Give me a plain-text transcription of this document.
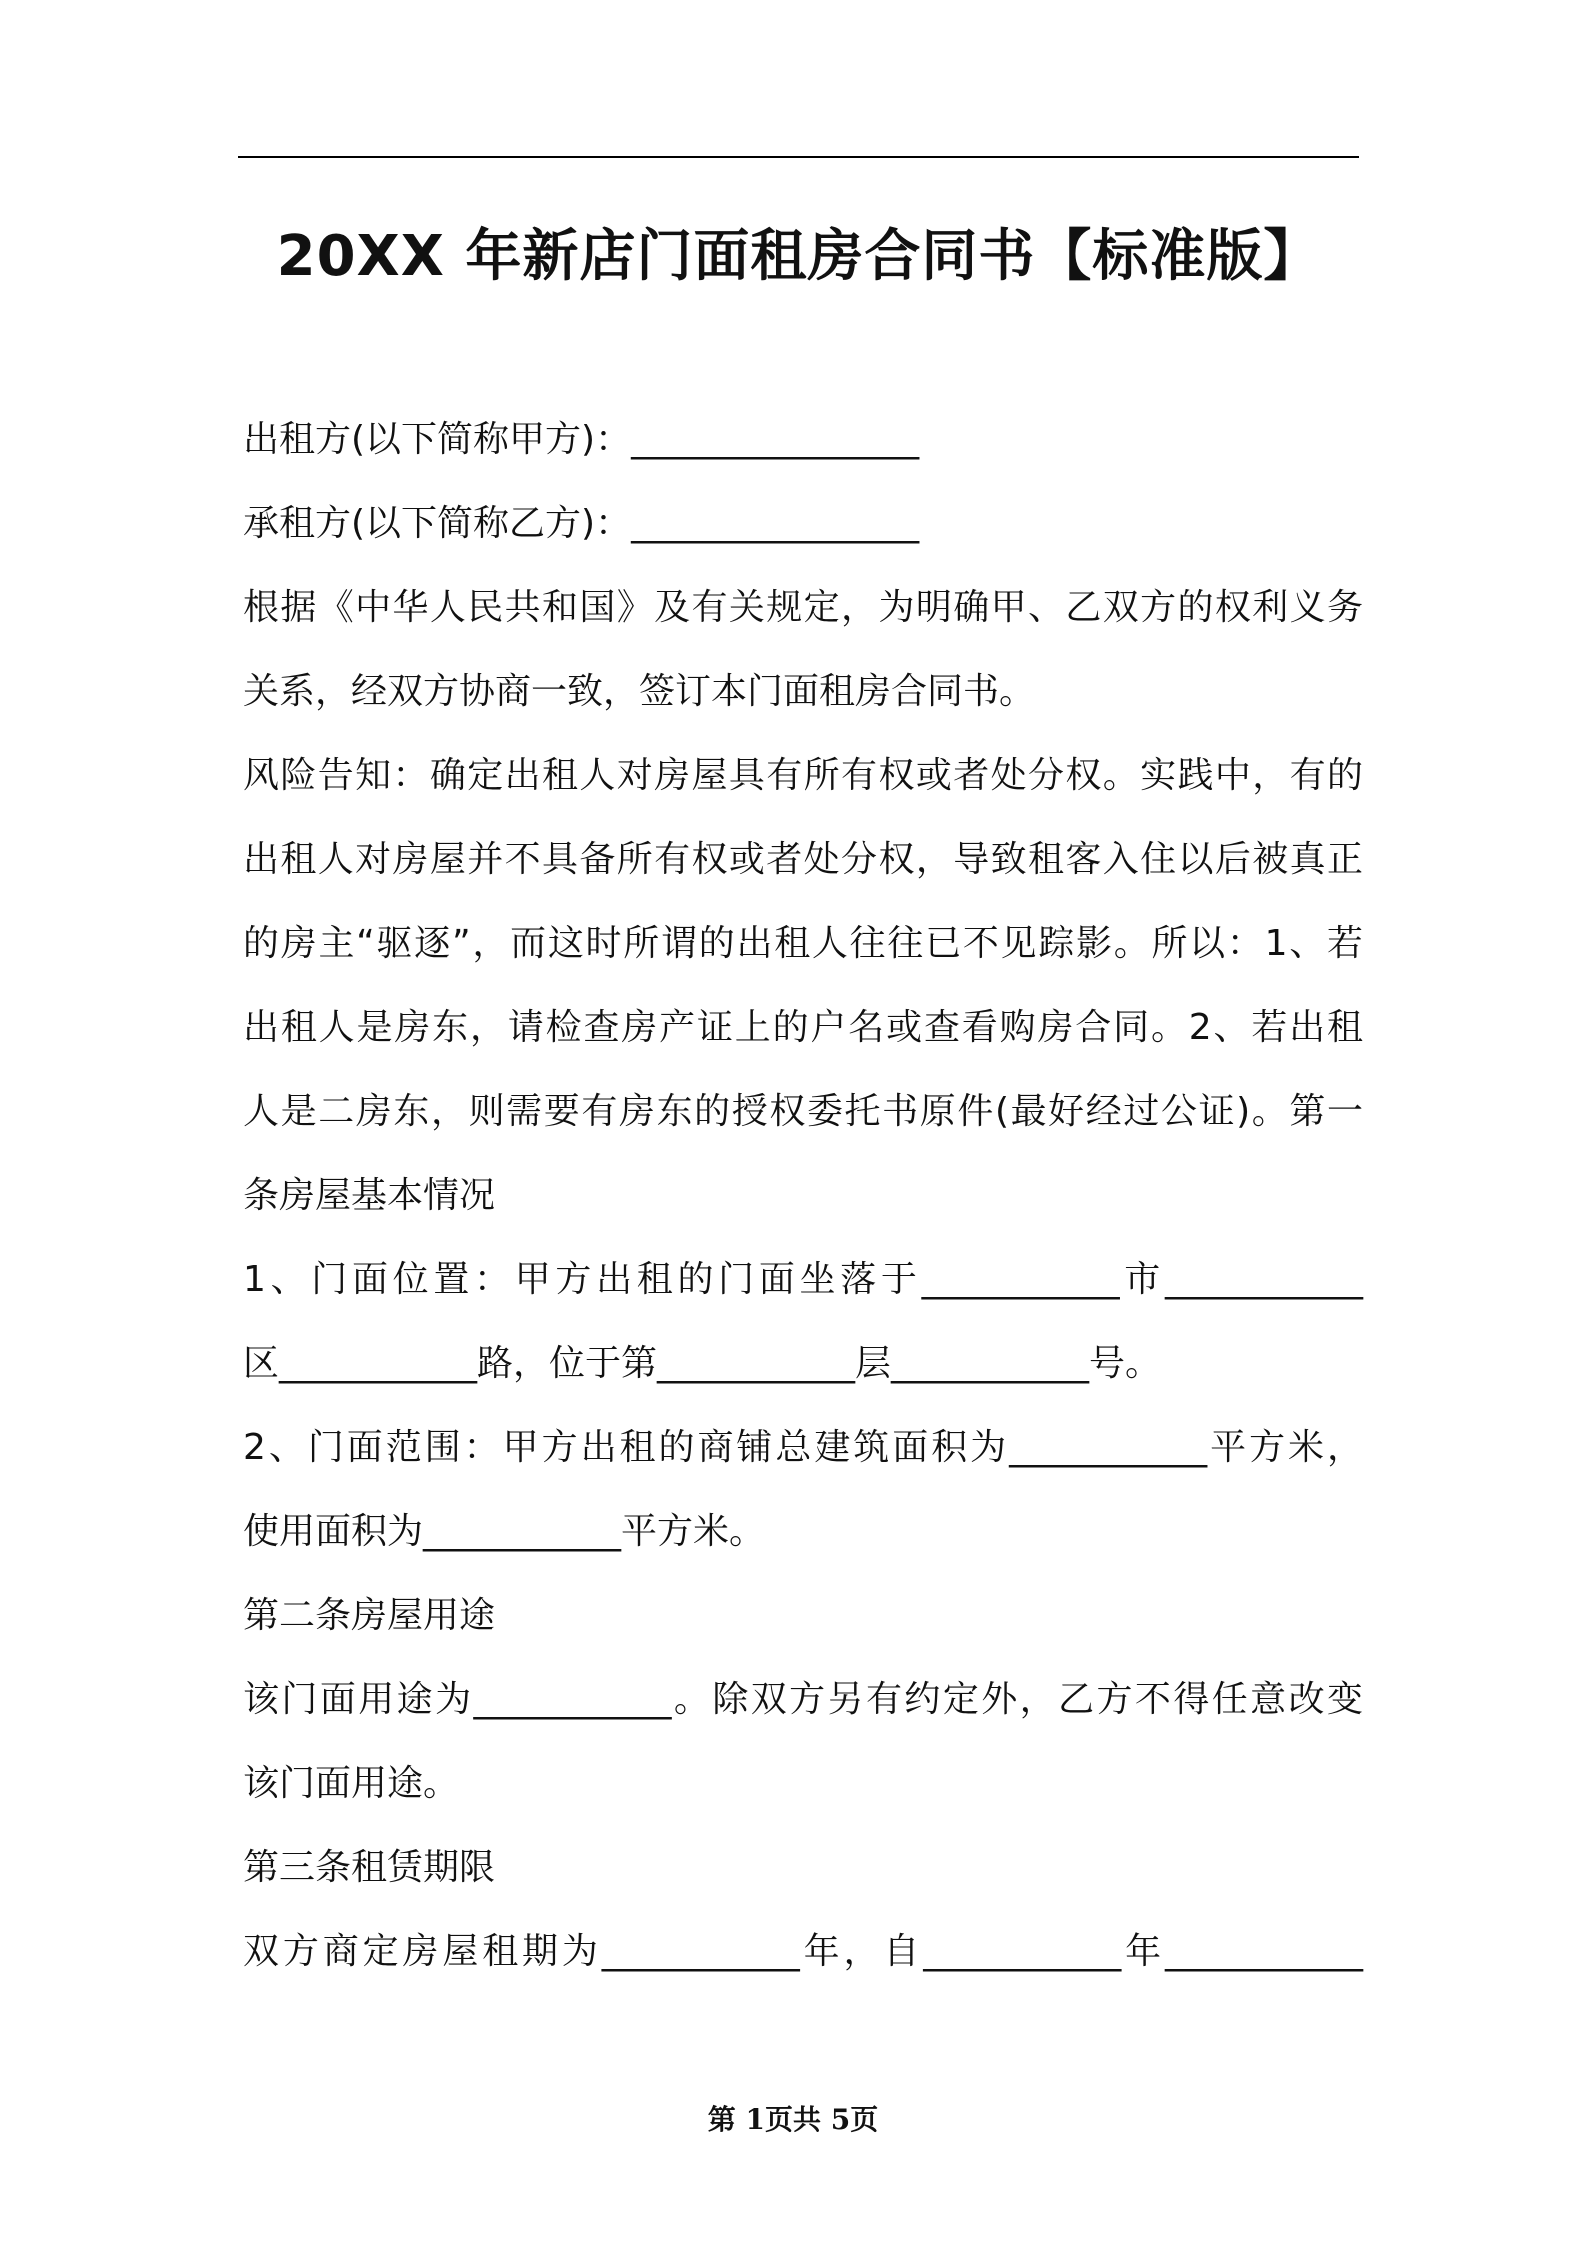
20XX 年新店门面租房合同书【标准版】
出租方(以下简称甲方)：________________
承租方(以下简称乙方)：________________
根据《中华人民共和国》及有关规定，为明确甲、乙双方的权利义务
关系，经双方协商一致，签订本门面租房合同书。
风险告知：确定出租人对房屋具有所有权或者处分权。实践中，有的
出租人对房屋并不具备所有权或者处分权，导致租客入住以后被真正
的房主“驱逐”，而这时所谓的出租人往往已不见踪影。所以：1、若
出租人是房东，请检查房产证上的户名或查看购房合同。2、若出租
人是二房东，则需要有房东的授权委托书原件(最好经过公证)。第一
条房屋基本情况
1、门面位置：甲方出租的门面坐落于___________市___________
区___________路，位于第___________层___________号。
2、门面范围：甲方出租的商铺总建筑面积为___________平方米，
使用面积为___________平方米。
第二条房屋用途
该门面用途为___________。除双方另有约定外，乙方不得任意改变
该门面用途。
第三条租赁期限
双方商定房屋租期为___________年，自___________年___________
第 1页共 5页
